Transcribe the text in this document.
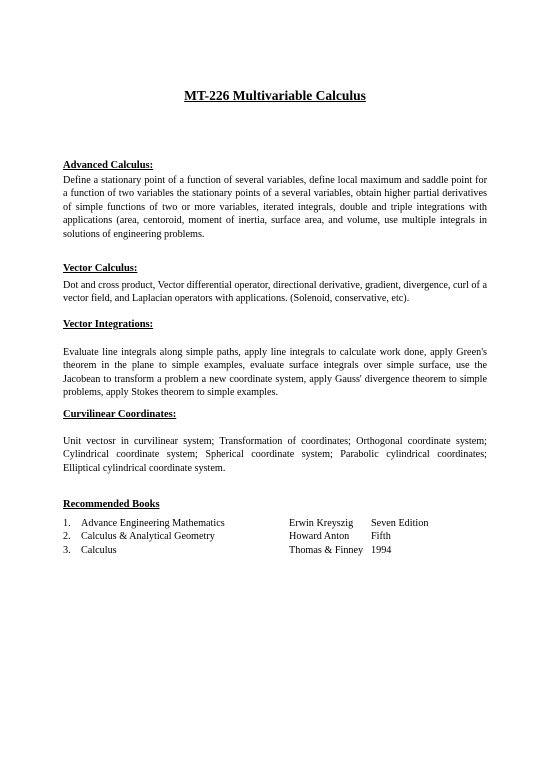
MT-226 Multivariable Calculus
Advanced Calculus:

Define a stationary point of a function of several variables, define local maximum and saddle point for a function of two variables the stationary points of a several variables, obtain higher partial derivatives of simple functions of two or more variables, iterated integrals, double and triple integrations with applications (area, centoroid, moment of inertia, surface area, and volume, use multiple integrals in solutions of engineering problems.

Vector Calculus:

Dot and cross product, Vector differential operator, directional derivative, gradient, divergence, curl of a vector field, and Laplacian operators with applications. (Solenoid, conservative, etc).

Vector Integrations:

Evaluate line integrals along simple paths, apply line integrals to calculate work done, apply Green's theorem in the plane to simple examples, evaluate surface integrals over simple surface, use the Jacobean to transform a problem a new coordinate system, apply Gauss' divergence theorem to simple problems, apply Stokes theorem to simple examples.

Curvilinear Coordinates:

Unit vectosr in curvilinear system; Transformation of coordinates; Orthogonal coordinate system; Cylindrical coordinate system; Spherical coordinate system; Parabolic cylindrical coordinates; Elliptical cylindrical coordinate system.

Recommended Books
1.	Advance Engineering Mathematics	Erwin Kreyszig	Seven Edition
2.	Calculus & Analytical Geometry	Howard Anton	Fifth
3.	Calculus	Thomas & Finney 1994
